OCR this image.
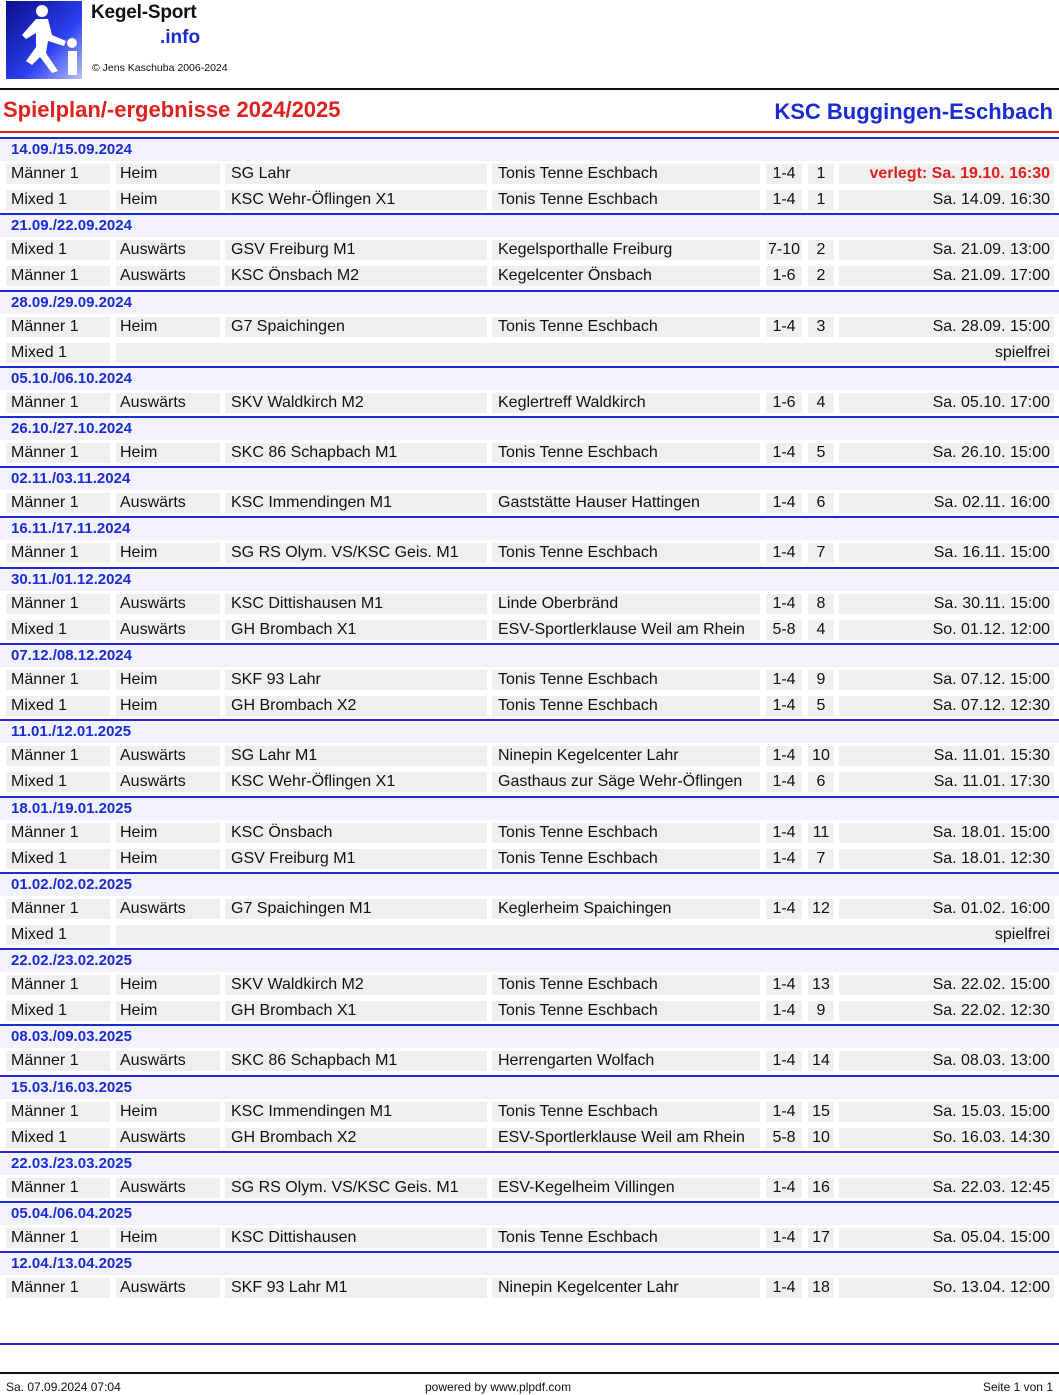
Kegel-Sport
.info
© Jens Kaschuba 2006-2024
Spielplan/-ergebnisse 2024/2025	KSC Buggingen-Eschbach
14.09./15.09.2024
Männer 1	Heim	SG Lahr	Tonis Tenne Eschbach	1-4	1	verlegt: Sa. 19.10. 16:30
Mixed 1	Heim	KSC Wehr-Öflingen X1	Tonis Tenne Eschbach	1-4	1	Sa. 14.09. 16:30
21.09./22.09.2024
Mixed 1	Auswärts	GSV Freiburg M1	Kegelsporthalle Freiburg	7-10	2	Sa. 21.09. 13:00
Männer 1	Auswärts	KSC Önsbach M2	Kegelcenter Önsbach	1-6	2	Sa. 21.09. 17:00
28.09./29.09.2024
Männer 1	Heim	G7 Spaichingen	Tonis Tenne Eschbach	1-4	3	Sa. 28.09. 15:00
Mixed 1	spielfrei
05.10./06.10.2024
Männer 1	Auswärts	SKV Waldkirch M2	Keglertreff Waldkirch	1-6	4	Sa. 05.10. 17:00
26.10./27.10.2024
Männer 1	Heim	SKC 86 Schapbach M1	Tonis Tenne Eschbach	1-4	5	Sa. 26.10. 15:00
02.11./03.11.2024
Männer 1	Auswärts	KSC Immendingen M1	Gaststätte Hauser Hattingen	1-4	6	Sa. 02.11. 16:00
16.11./17.11.2024
Männer 1	Heim	SG RS Olym. VS/KSC Geis. M1	Tonis Tenne Eschbach	1-4	7	Sa. 16.11. 15:00
30.11./01.12.2024
Männer 1	Auswärts	KSC Dittishausen M1	Linde Oberbränd	1-4	8	Sa. 30.11. 15:00
Mixed 1	Auswärts	GH Brombach X1	ESV-Sportlerklause Weil am Rhein	5-8	4	So. 01.12. 12:00
07.12./08.12.2024
Männer 1	Heim	SKF 93 Lahr	Tonis Tenne Eschbach	1-4	9	Sa. 07.12. 15:00
Mixed 1	Heim	GH Brombach X2	Tonis Tenne Eschbach	1-4	5	Sa. 07.12. 12:30
11.01./12.01.2025
Männer 1	Auswärts	SG Lahr M1	Ninepin Kegelcenter Lahr	1-4	10	Sa. 11.01. 15:30
Mixed 1	Auswärts	KSC Wehr-Öflingen X1	Gasthaus zur Säge Wehr-Öflingen	1-4	6	Sa. 11.01. 17:30
18.01./19.01.2025
Männer 1	Heim	KSC Önsbach	Tonis Tenne Eschbach	1-4	11	Sa. 18.01. 15:00
Mixed 1	Heim	GSV Freiburg M1	Tonis Tenne Eschbach	1-4	7	Sa. 18.01. 12:30
01.02./02.02.2025
Männer 1	Auswärts	G7 Spaichingen M1	Keglerheim Spaichingen	1-4	12	Sa. 01.02. 16:00
Mixed 1	spielfrei
22.02./23.02.2025
Männer 1	Heim	SKV Waldkirch M2	Tonis Tenne Eschbach	1-4	13	Sa. 22.02. 15:00
Mixed 1	Heim	GH Brombach X1	Tonis Tenne Eschbach	1-4	9	Sa. 22.02. 12:30
08.03./09.03.2025
Männer 1	Auswärts	SKC 86 Schapbach M1	Herrengarten Wolfach	1-4	14	Sa. 08.03. 13:00
15.03./16.03.2025
Männer 1	Heim	KSC Immendingen M1	Tonis Tenne Eschbach	1-4	15	Sa. 15.03. 15:00
Mixed 1	Auswärts	GH Brombach X2	ESV-Sportlerklause Weil am Rhein	5-8	10	So. 16.03. 14:30
22.03./23.03.2025
Männer 1	Auswärts	SG RS Olym. VS/KSC Geis. M1	ESV-Kegelheim Villingen	1-4	16	Sa. 22.03. 12:45
05.04./06.04.2025
Männer 1	Heim	KSC Dittishausen	Tonis Tenne Eschbach	1-4	17	Sa. 05.04. 15:00
12.04./13.04.2025
Männer 1	Auswärts	SKF 93 Lahr M1	Ninepin Kegelcenter Lahr	1-4	18	So. 13.04. 12:00
Sa. 07.09.2024 07:04	powered by www.plpdf.com	Seite 1 von 1
